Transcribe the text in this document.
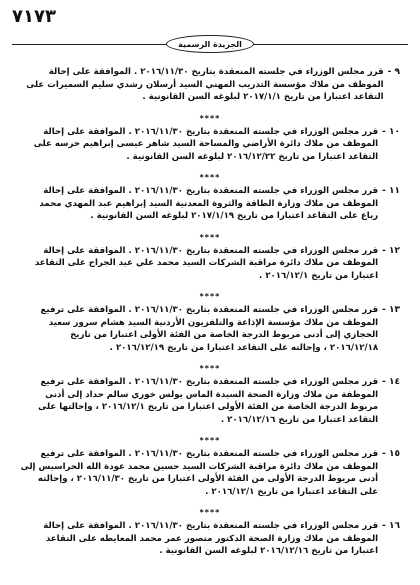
٧١٧٣
الجريدة الرسمية
٩ -
قرر مجلس الوزراء في جلسته المنعقدة بتاريخ ٢٠١٦/١١/٣٠ . الموافقة على إحالة الموظف من ملاك مؤسسة التدريب المهني السيد أرسلان رشدي سليم السميرات على التقاعد اعتبارا من تاريخ ٢٠١٧/١/١ لبلوغه السن القانونية .
****
١٠ -
قرر مجلس الوزراء في جلسته المنعقدة بتاريخ ٢٠١٦/١١/٣٠ . الموافقة على إحالة الموظف من ملاك دائرة الأراضي والمساحة السيد شاهر عيسى إبراهيم خرسه على التقاعد اعتبارا من تاريخ ٢٠١٦/١٢/٢٢ لبلوغه السن القانونية .
****
١١ -
قرر مجلس الوزراء في جلسته المنعقدة بتاريخ ٢٠١٦/١١/٣٠ . الموافقة على إحالة الموظف من ملاك وزارة الطاقة والثروة المعدنية السيد إبراهيم عبد المهدي محمد رباع على التقاعد اعتبارا من تاريخ ٢٠١٧/١/١٩ لبلوغه السن القانونية .
****
١٢ -
قرر مجلس الوزراء في جلسته المنعقدة بتاريخ ٢٠١٦/١١/٣٠ . الموافقة على إحالة الموظف من ملاك دائرة مراقبة الشركات السيد محمد علي عيد الجراح على التقاعد اعتبارا من تاريخ ٢٠١٦/١٢/١ .
****
١٣ -
قرر مجلس الوزراء في جلسته المنعقدة بتاريخ ٢٠١٦/١١/٣٠ . الموافقة على ترفيع الموظف من ملاك مؤسسة الإذاعة والتلفزيون الأردنية السيد هشام سرور سعيد الحجازي إلى أدنى مربوط الدرجة الخاصة من الفئة الأولى اعتبارا من تاريخ ٢٠١٦/١٢/١٨ ، وإحالته على التقاعد اعتبارا من تاريخ ٢٠١٦/١٢/١٩ .
****
١٤ -
قرر مجلس الوزراء في جلسته المنعقدة بتاريخ ٢٠١٦/١١/٣٠ . الموافقة على ترفيع الموظفة من ملاك وزارة الصحة السيدة الماس يولس خوري سالم حداد إلى أدنى مربوط الدرجة الخاصة من الفئة الأولى اعتبارا من تاريخ ٢٠١٦/١٢/١ ، وإحالتها على التقاعد اعتبارا من تاريخ ٢٠١٦/١٢/١٦ .
****
١٥ -
قرر مجلس الوزراء في جلسته المنعقدة بتاريخ ٢٠١٦/١١/٣٠ . الموافقة على ترفيع الموظف من ملاك دائرة مراقبة الشركات السيد حسين محمد عودة الله الحراسيس إلى أدنى مربوط الدرجة الأولى من الفئة الأولى اعتبارا من تاريخ ٢٠١٦/١١/٣٠ ، وإحالته على التقاعد اعتبارا من تاريخ ٢٠١٦/١٢/١ .
****
١٦ -
قرر مجلس الوزراء في جلسته المنعقدة بتاريخ ٢٠١٦/١١/٣٠ . الموافقة على إحالة الموظف من ملاك وزارة الصحة الدكتور منصور عمر محمد المعايطه على التقاعد اعتبارا من تاريخ ٢٠١٦/١٢/١٦ لبلوغه السن القانونية .
